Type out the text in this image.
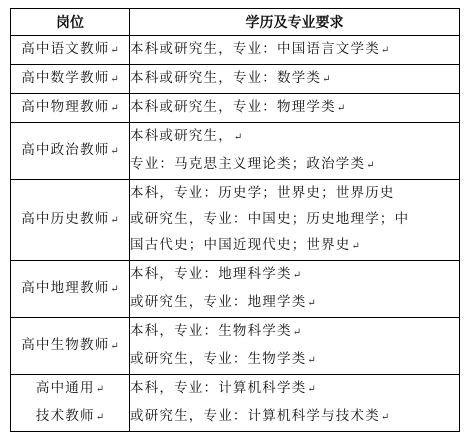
岗位	学历及专业要求

高中语文教师↵	本科或研究生，专业：中国语言文学类↵

高中数学教师↵	本科或研究生，专业：数学类↵

高中物理教师↵	本科或研究生，专业：物理学类↵

高中政治教师↵	本科或研究生，↵
专业：马克思主义理论类；政治学类↵

高中历史教师↵	本科，专业：历史学；世界史；世界历史
或研究生，专业：中国史；历史地理学；中
国古代史；中国近现代史；世界史↵

高中地理教师↵	本科，专业：地理科学类↵
或研究生，专业：地理学类↵

高中生物教师↵	本科，专业：生物科学类↵
或研究生，专业：生物学类↵

高中通用↵
技术教师↵	本科，专业：计算机科学类↵
或研究生，专业：计算机科学与技术类↵
